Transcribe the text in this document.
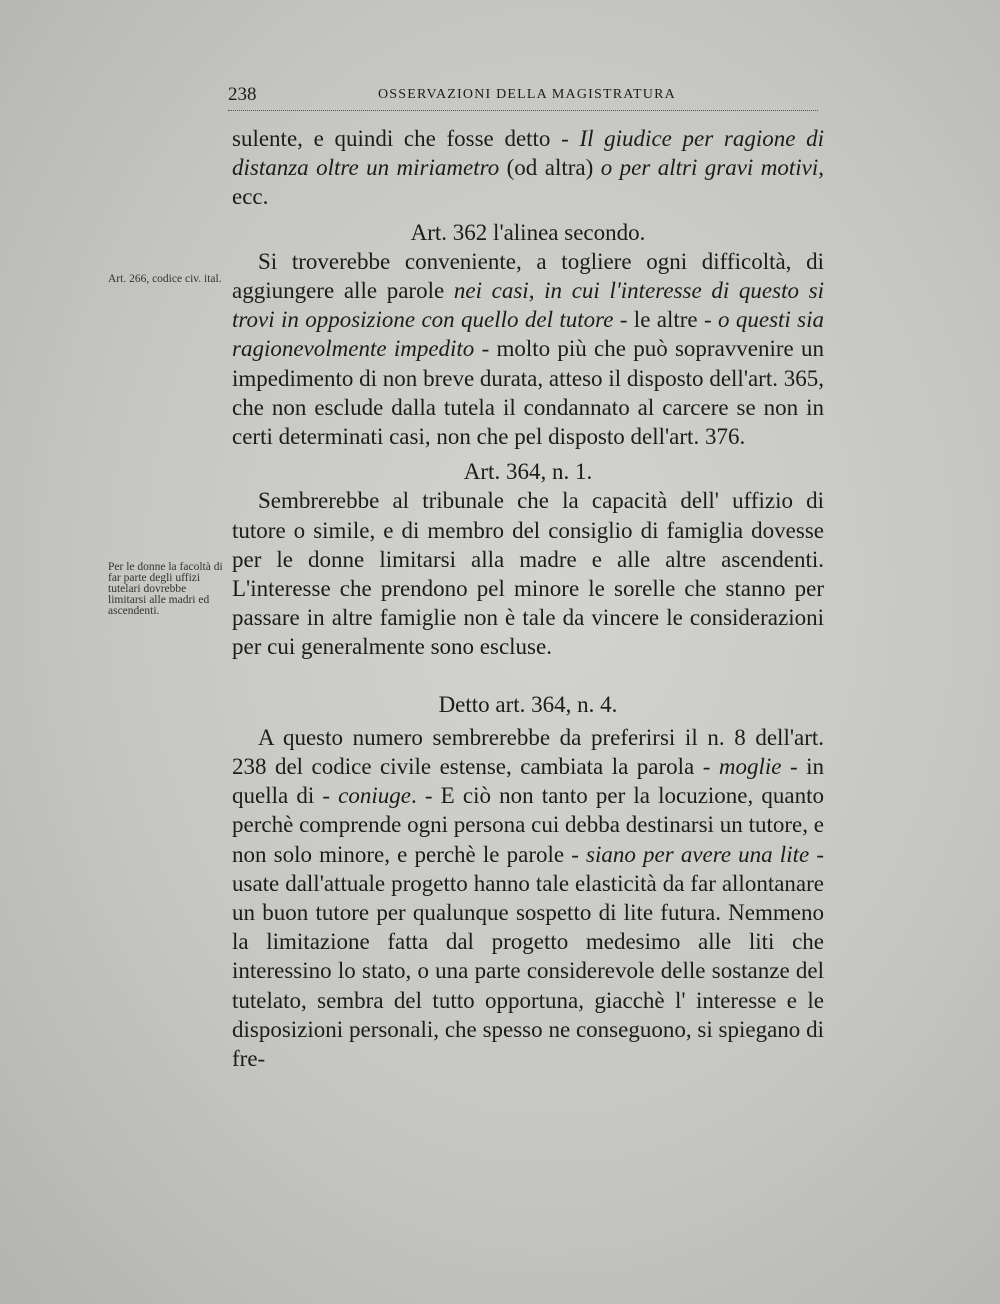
238	OSSERVAZIONI DELLA MAGISTRATURA
Art. 266, codice civ. ital.
Per le donne la facoltà di far parte degli uffizi tutelari dovrebbe limitarsi alle madri ed ascendenti.

sulente, e quindi che fosse detto - Il giudice per ragione di distanza oltre un miriametro (od altra) o per altri gravi motivi, ecc.

Art. 362 l'alinea secondo.

Si troverebbe conveniente, a togliere ogni difficoltà, di aggiungere alle parole nei casi, in cui l'interesse di questo si trovi in opposizione con quello del tutore - le altre - o questi sia ragionevolmente impedito - molto più che può sopravvenire un impedimento di non breve durata, atteso il disposto dell'art. 365, che non esclude dalla tutela il condannato al carcere se non in certi determinati casi, non che pel disposto dell'art. 376.

Art. 364, n. 1.

Sembrerebbe al tribunale che la capacità dell' uffizio di tutore o simile, e di membro del consiglio di famiglia dovesse per le donne limitarsi alla madre e alle altre ascendenti. L'interesse che prendono pel minore le sorelle che stanno per passare in altre famiglie non è tale da vincere le considerazioni per cui generalmente sono escluse.

Detto art. 364, n. 4.

A questo numero sembrerebbe da preferirsi il n. 8 dell'art. 238 del codice civile estense, cambiata la parola - moglie - in quella di - coniuge. - E ciò non tanto per la locuzione, quanto perchè comprende ogni persona cui debba destinarsi un tutore, e non solo minore, e perchè le parole - siano per avere una lite - usate dall'attuale progetto hanno tale elasticità da far allontanare un buon tutore per qualunque sospetto di lite futura. Nemmeno la limitazione fatta dal progetto medesimo alle liti che interessino lo stato, o una parte considerevole delle sostanze del tutelato, sembra del tutto opportuna, giacchè l' interesse e le disposizioni personali, che spesso ne conseguono, si spiegano di fre-
